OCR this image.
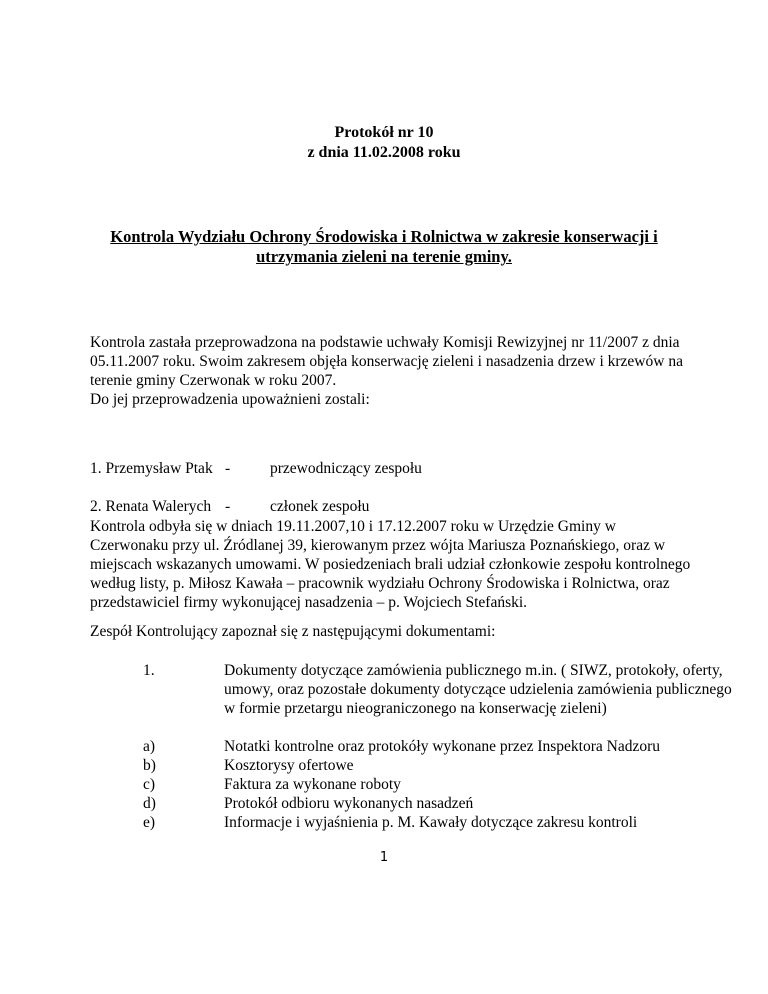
Protokół nr 10
z dnia 11.02.2008 roku
Kontrola Wydziału Ochrony Środowiska i Rolnictwa w zakresie konserwacji i
utrzymania zieleni na terenie gminy.

Kontrola zastała przeprowadzona na podstawie uchwały Komisji Rewizyjnej nr 11/2007 z dnia
05.11.2007 roku. Swoim zakresem objęła konserwację zieleni i nasadzenia drzew i krzewów na
terenie gminy Czerwonak w roku 2007.
Do jej przeprowadzenia upoważnieni zostali:

1. Przemysław Ptak -	przewodniczący zespołu
2. Renata Walerych -	członek zespołu

Kontrola odbyła się w dniach 19.11.2007,10 i 17.12.2007 roku w Urzędzie Gminy w
Czerwonaku przy ul. Źródlanej 39, kierowanym przez wójta Mariusza Poznańskiego, oraz w
miejscach wskazanych umowami. W posiedzeniach brali udział członkowie zespołu kontrolnego
według listy, p. Miłosz Kawała – pracownik wydziału Ochrony Środowiska i Rolnictwa, oraz
przedstawiciel firmy wykonującej nasadzenia – p. Wojciech Stefański.

Zespół Kontrolujący zapoznał się z następującymi dokumentami:

1.	Dokumenty dotyczące zamówienia publicznego m.in. ( SIWZ, protokoły, oferty,
umowy, oraz pozostałe dokumenty dotyczące udzielenia zamówienia publicznego
w formie przetargu nieograniczonego na konserwację zieleni)
a)	Notatki kontrolne oraz protokóły wykonane przez Inspektora Nadzoru
b)	Kosztorysy ofertowe
c)	Faktura za wykonane roboty
d)	Protokół odbioru wykonanych nasadzeń
e)	Informacje i wyjaśnienia p. M. Kawały dotyczące zakresu kontroli
1
